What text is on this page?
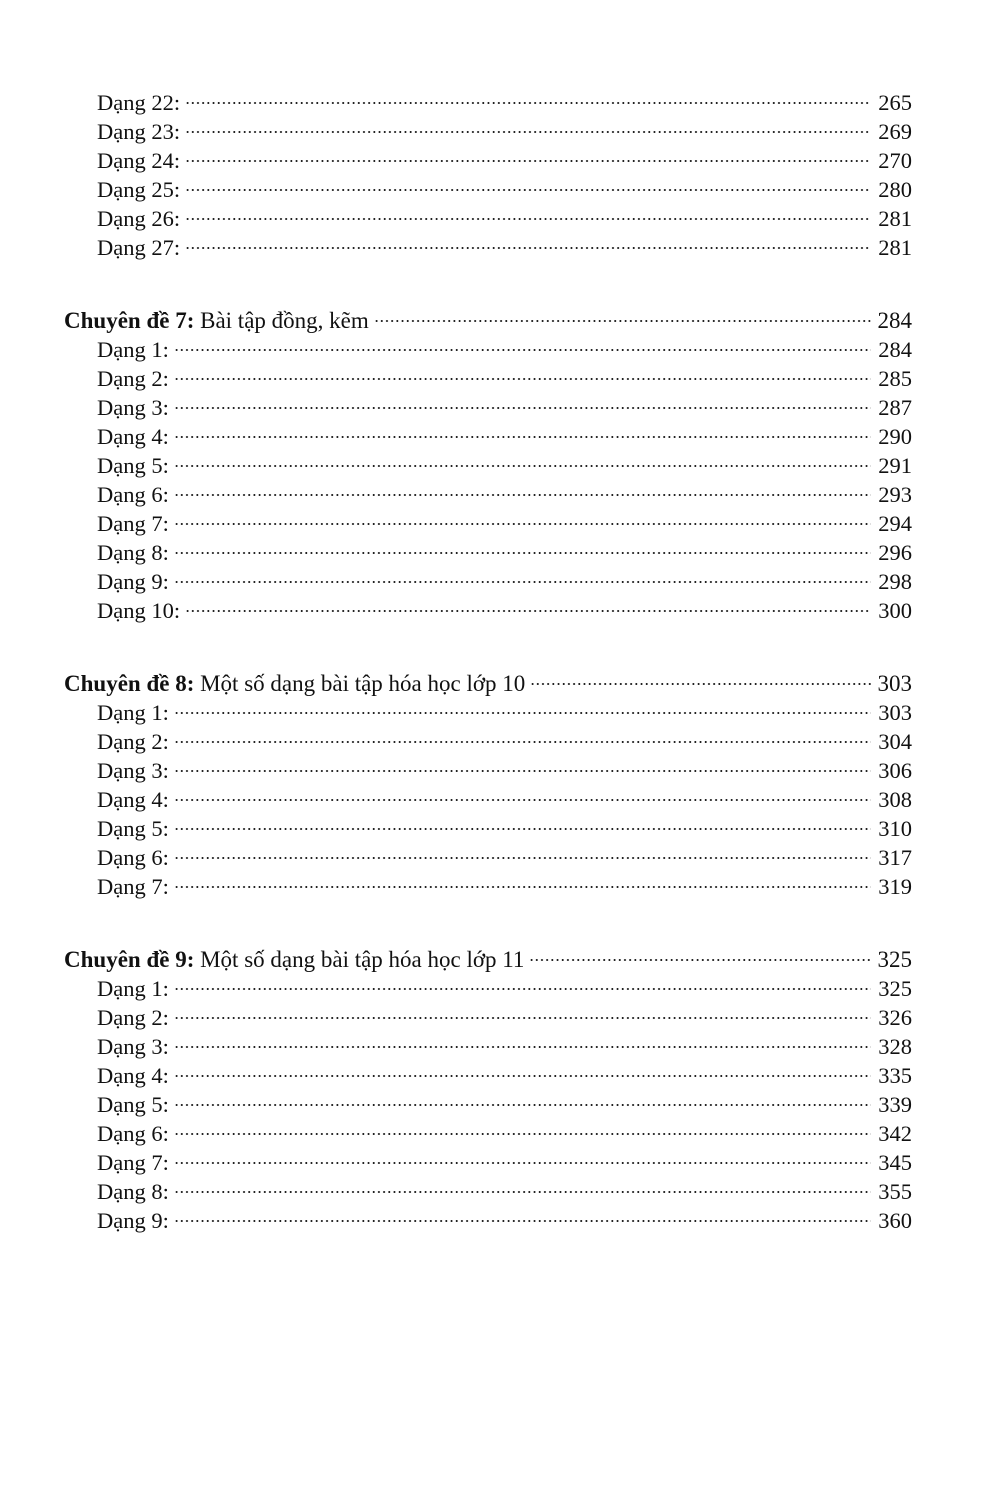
Dạng 22:	265
Dạng 23:	269
Dạng 24:	270
Dạng 25:	280
Dạng 26:	281
Dạng 27:	281
Chuyên đề 7: Bài tập đồng, kẽm	284
Dạng 1:	284
Dạng 2:	285
Dạng 3:	287
Dạng 4:	290
Dạng 5:	291
Dạng 6:	293
Dạng 7:	294
Dạng 8:	296
Dạng 9:	298
Dạng 10:	300
Chuyên đề 8: Một số dạng bài tập hóa học lớp 10	303
Dạng 1:	303
Dạng 2:	304
Dạng 3:	306
Dạng 4:	308
Dạng 5:	310
Dạng 6:	317
Dạng 7:	319
Chuyên đề 9: Một số dạng bài tập hóa học lớp 11	325
Dạng 1:	325
Dạng 2:	326
Dạng 3:	328
Dạng 4:	335
Dạng 5:	339
Dạng 6:	342
Dạng 7:	345
Dạng 8:	355
Dạng 9:	360
